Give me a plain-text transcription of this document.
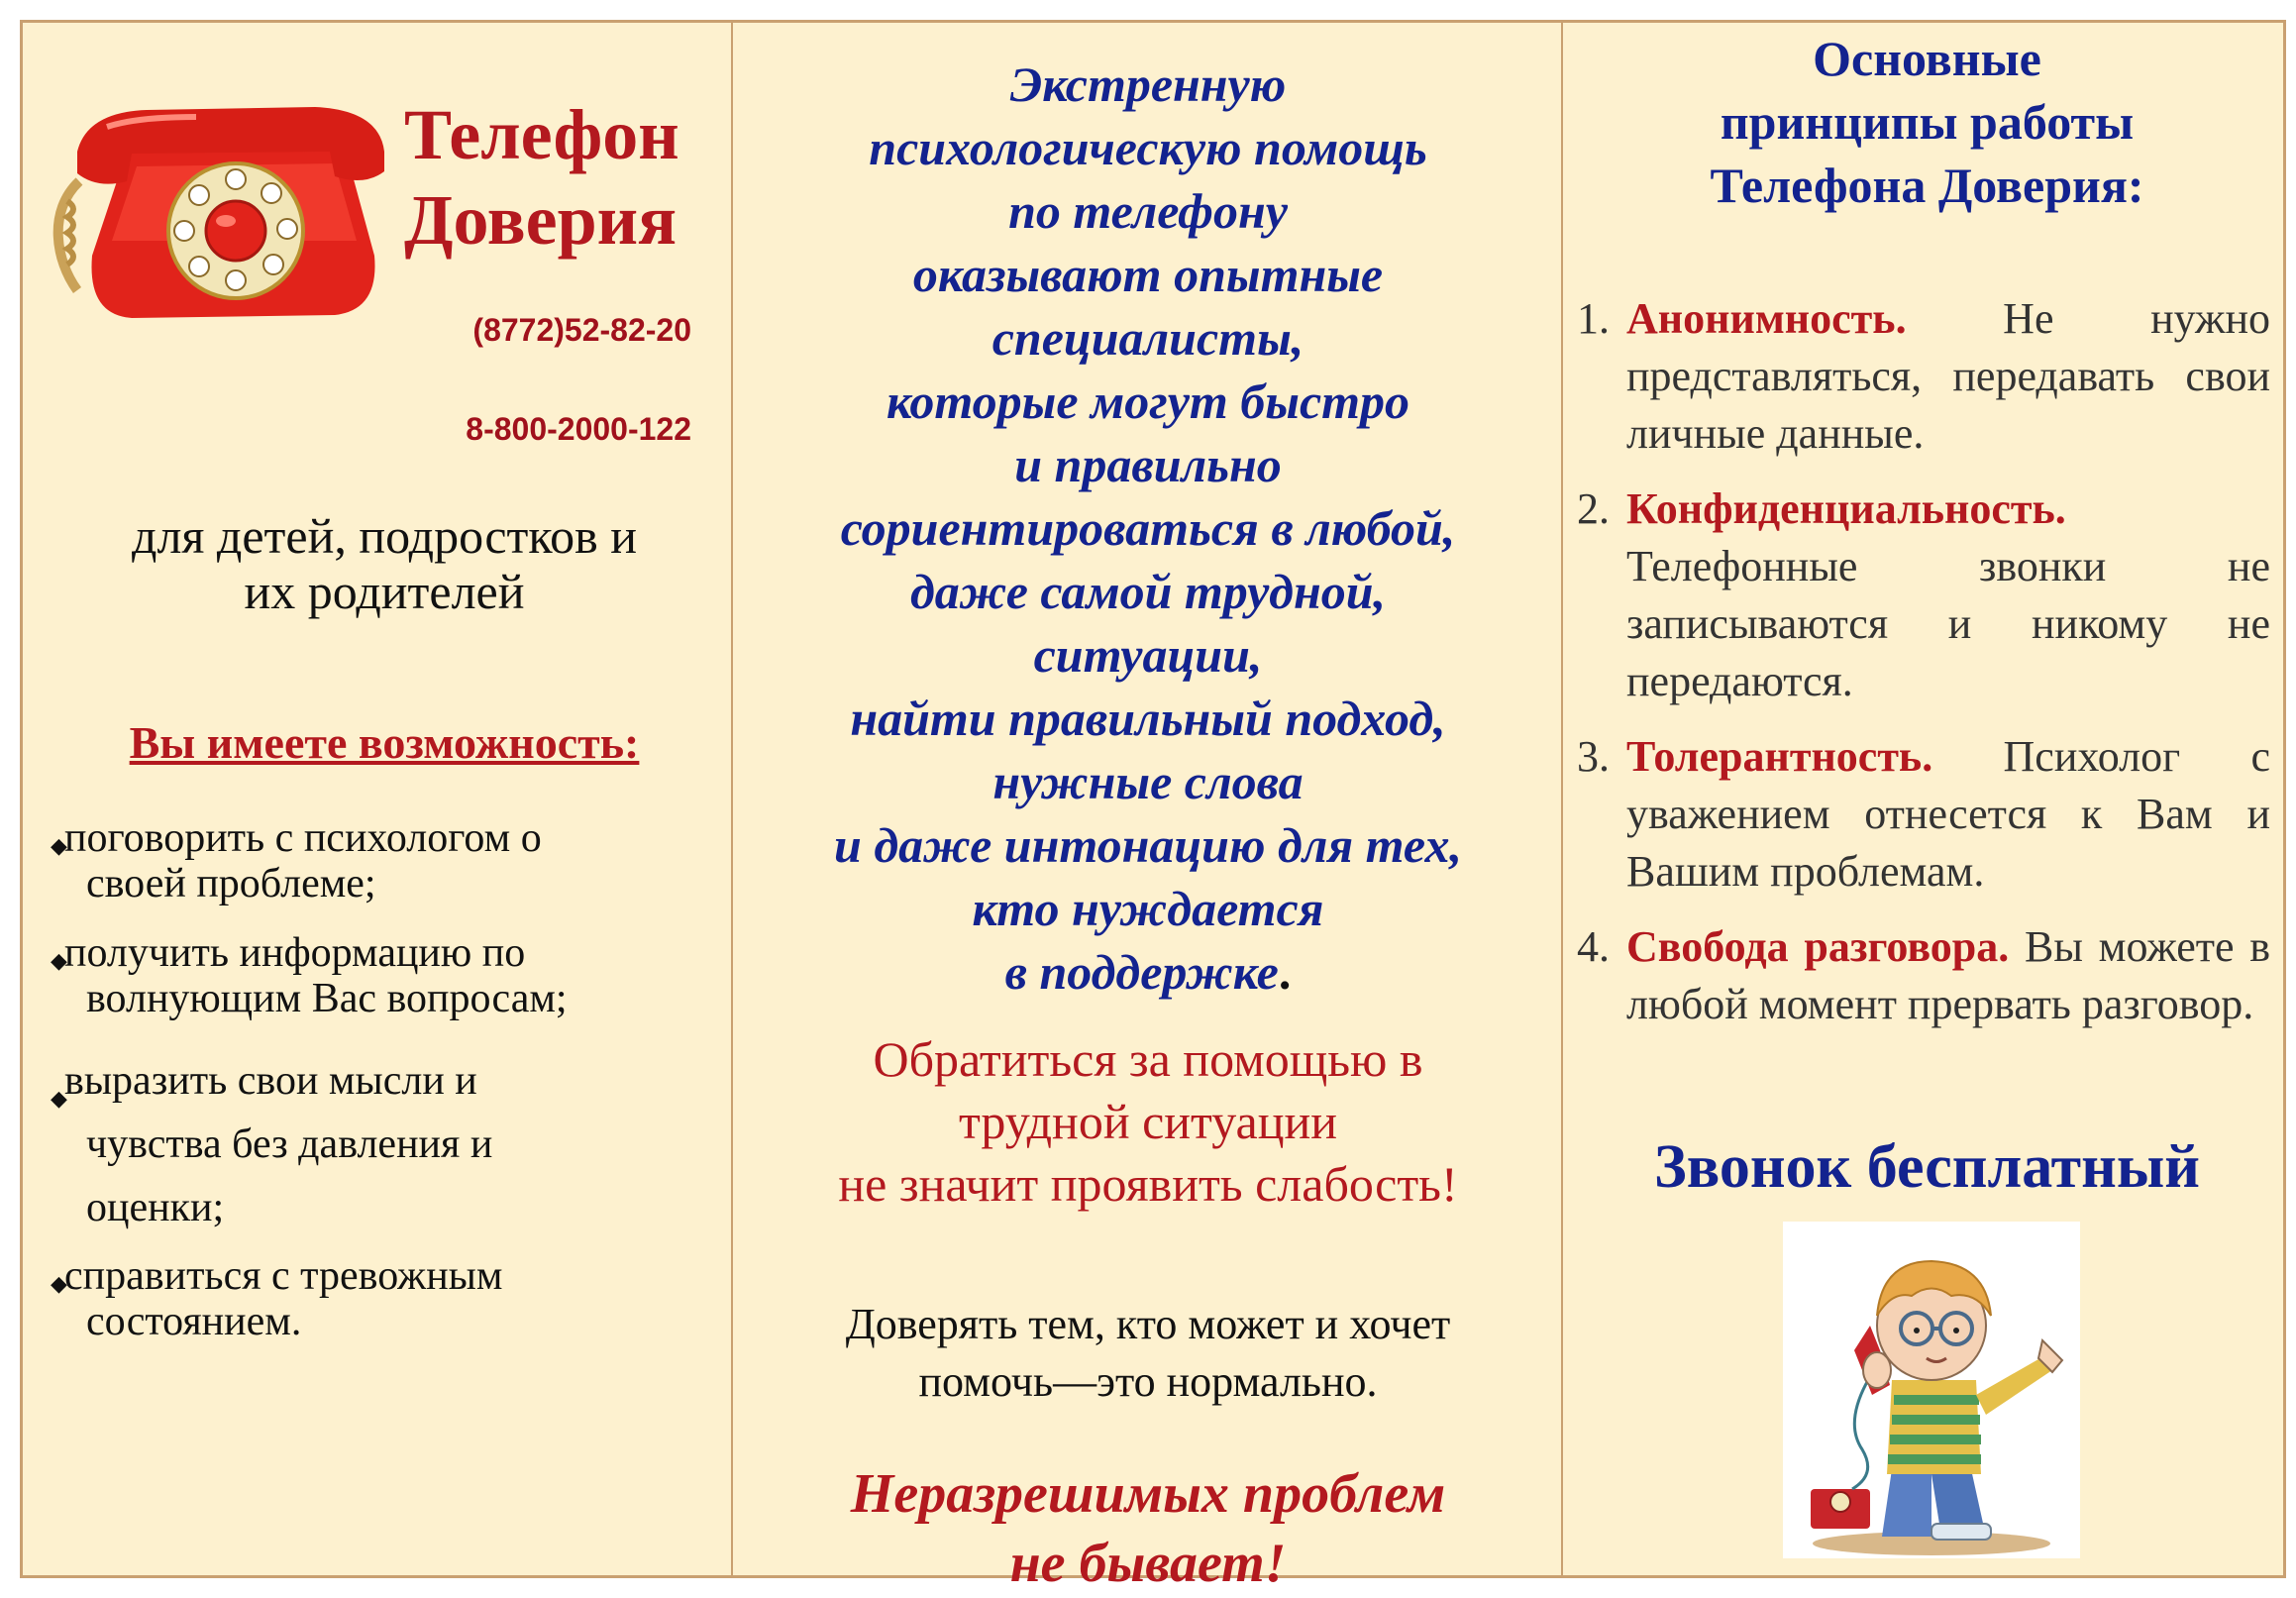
Телефон
Доверия
(8772)52-82-20
8-800-2000-122
для детей, подростков и
их родителей
Вы имеете возможность:
◆
поговорить с психологом о
своей проблеме;
◆
получить информацию по
волнующим Вас вопросам;
◆
выразить свои мысли и
чувства без давления и
оценки;
◆
справиться с тревожным
состоянием.
Экстренную
психологическую помощь
по телефону
оказывают опытные
специалисты,
которые могут быстро
и правильно
сориентироваться в любой,
даже самой трудной,
ситуации,
найти правильный подход,
нужные слова
и даже интонацию для тех,
кто нуждается
в поддержке.
Обратиться за помощью в
трудной ситуации
не значит проявить слабость!
Доверять тем, кто может и хочет
помочь—это нормально.
Неразрешимых проблем
не бывает!
Основные
принципы работы
Телефона Доверия:
1. Анонимность. Не нужно представляться, передавать свои личные данные.
2. Конфиденциальность. Телефонные звонки не записываются и никому не передаются.
3. Толерантность. Психолог с уважением отнесется к Вам и Вашим проблемам.
4. Свобода разговора. Вы можете в любой момент прервать разговор.
Звонок бесплатный
